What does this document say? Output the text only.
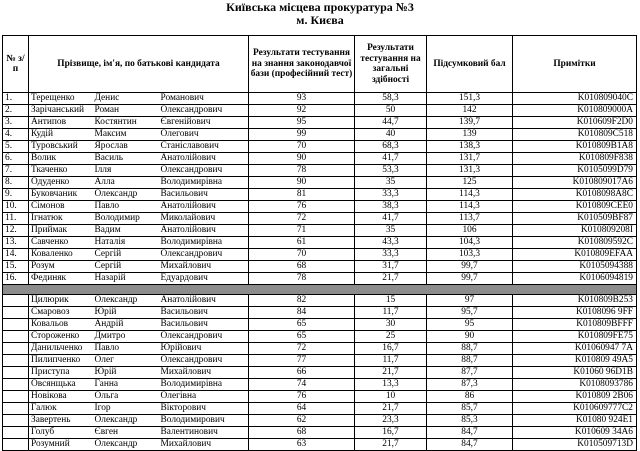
Київська місцева прокуратура №3
м. Києва
№ з/п	Прізвище, ім'я, по батькові кандидата			Результати тестування на знання законодавчої бази (професійний тест)	Результати тестування на загальні здібності	Підсумковий бал	Примітки
1.	Терещенко	Денис	Романович	93	58,3	151,3	K010809040C
2.	Зарічанський	Роман	Олександрович	92	50	142	K010809000A
3.	Антипов	Костянтин	Євгенійович	95	44,7	139,7	K010609F2D0
4.	Кудій	Максим	Олегович	99	40	139	K010809C518
5.	Туровський	Ярослав	Станіславович	70	68,3	138,3	K010809B1A8
6.	Волик	Василь	Анатолійович	90	41,7	131,7	K010809F838
7.	Ткаченко	Ілля	Олександрович	78	53,3	131,3	K0105099D79
8.	Одуденко	Алла	Володимирівна	90	35	125	K010809017A6
9.	Буковчаник	Олександр	Васильович	81	33,3	114,3	K0108098A8C
10.	Сімонов	Павло	Анатолійович	76	38,3	114,3	K010809CEE0
11.	Ігнатюк	Володимир	Миколайович	72	41,7	113,7	K010509BF87
12.	Приймак	Вадим	Анатолійович	71	35	106	K010809208I
13.	Савченко	Наталія	Володимирівна	61	43,3	104,3	K010809592C
14.	Коваленко	Сергій	Олександрович	70	33,3	103,3	K010809EFAA
15.	Розум	Сергій	Михайлович	68	31,7	99,7	K0105094388
16.	Фединяк	Назарій	Едуардович	78	21,7	99,7	K0106094819

	Цилюрик	Олександр	Анатолійович	82	15	97	K010809B253
	Смаровоз	Юрій	Васильович	84	11,7	95,7	K0108096 9FF
	Ковальов	Андрій	Васильович	65	30	95	K010809BFFF
	Стороженко	Дмитро	Олександрович	65	25	90	K010809FE75
	Данильченко	Павло	Юрійович	72	16,7	88,7	K01060947 7A
	Пилипченко	Олег	Олександрович	77	11,7	88,7	K010809 49A5
	Приступа	Юрій	Михайлович	66	21,7	87,7	K01060 96D1B
	Овсянщька	Ганна	Володимирівна	74	13,3	87,3	K0108093786
	Новікова	Ольга	Олегівна	76	10	86	K010809 2B06
	Галюк	Ігор	Вікторович	64	21,7	85,7	K010609777C2
	Завертень	Олександр	Володимирович	62	23,3	85,3	K01080 924E1
	Голуб	Євген	Валентинович	68	16,7	84,7	K010609 34A6
	Розумний	Олександр	Михайлович	63	21,7	84,7	K010509713D
